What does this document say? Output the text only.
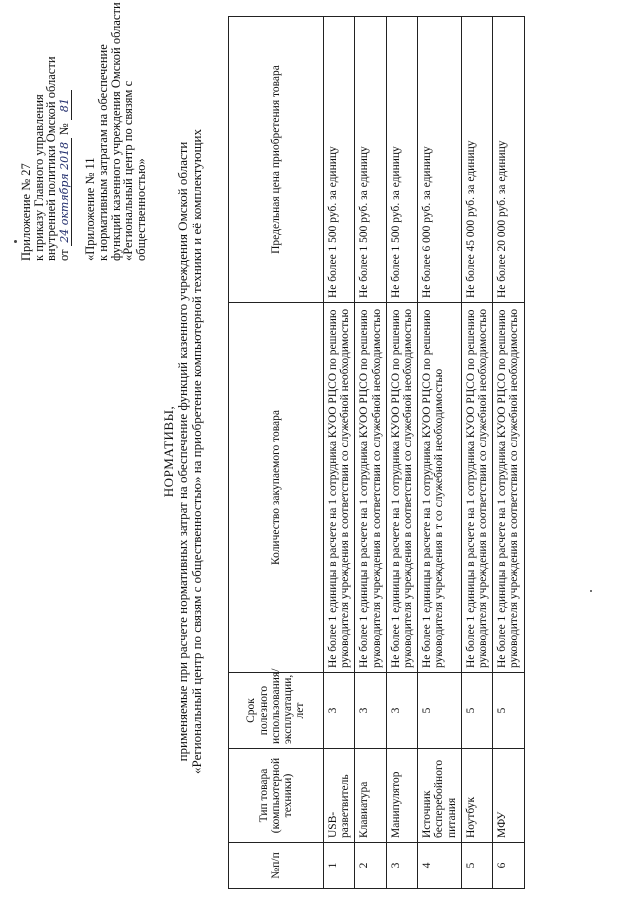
Приложение № 27
к приказу Главного управления
внутренней политики Омской области
от 24 октября 2018 № 81
«Приложение № 11
к нормативным затратам на обеспечение
функций казенного учреждения Омской области
«Региональный центр по связям с
общественностью»
НОРМАТИВЫ, применяемые при расчете нормативных затрат на обеспечение функций казенного учреждения Омской области
«Региональный центр по связям с общественностью» на приобретение компьютерной техники и её комплектующих
№п/п	Тип товара (компьютерной техники)	Срок полезного использования/ эксплуатации, лет	Количество закупаемого товара	Предельная цена приобретения товара
1	USB-разветвитель	3	Не более 1 единицы в расчете на 1 сотрудника КУОО РЦСО по решению руководителя учреждения в соответствии со служебной необходимостью	Не более 1 500 руб. за единицу
2	Клавиатура	3	Не более 1 единицы в расчете на 1 сотрудника КУОО РЦСО по решению руководителя учреждения в соответствии со служебной необходимостью	Не более 1 500 руб. за единицу
3	Манипулятор	3	Не более 1 единицы в расчете на 1 сотрудника КУОО РЦСО по решению руководителя учреждения в соответствии со служебной необходимостью	Не более 1 500 руб. за единицу
4	Источник бесперебойного питания	5	Не более 1 единицы в расчете на 1 сотрудника КУОО РЦСО по решению руководителя учреждения в т со служебной необходимостью	Не более 6 000 руб. за единицу
5	Ноутбук	5	Не более 1 единицы в расчете на 1 сотрудника КУОО РЦСО по решению руководителя учреждения в соответствии со служебной необходимостью	Не более 45 000 руб. за единицу
6	МФУ	5	Не более 1 единицы в расчете на 1 сотрудника КУОО РЦСО по решению руководителя учреждения в соответствии со служебной необходимостью	Не более 20 000 руб. за единицу
